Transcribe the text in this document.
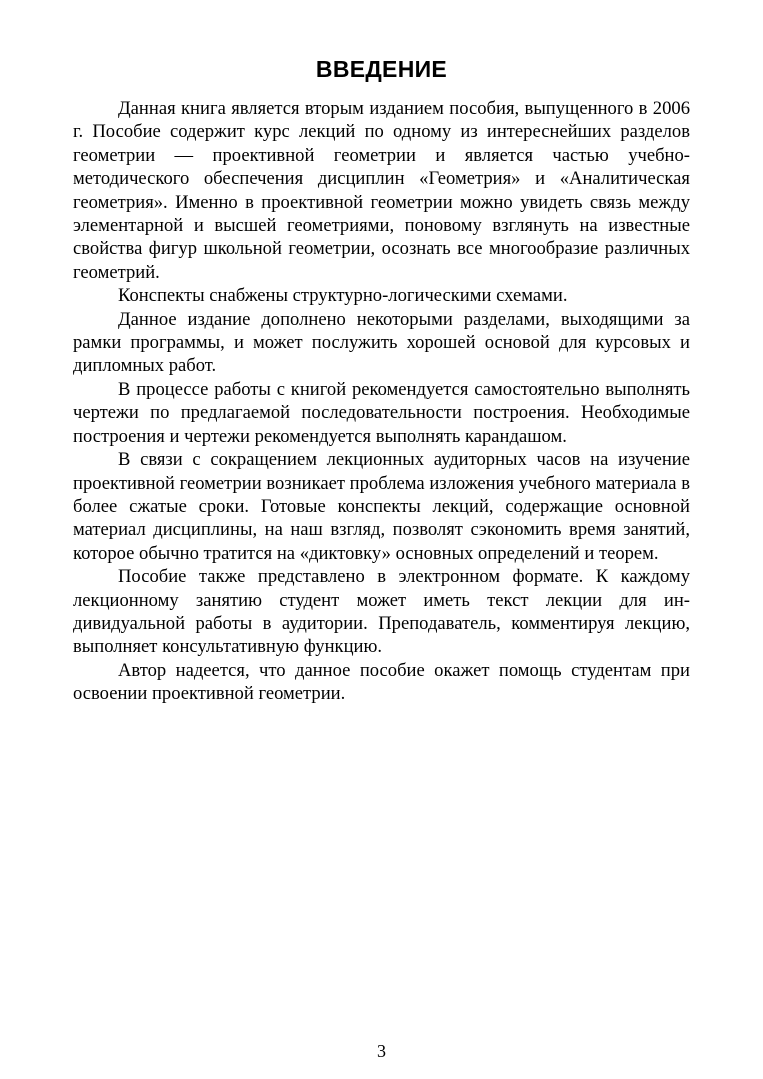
ВВЕДЕНИЕ

Данная книга является вторым изданием пособия, выпущенного в 2006 г. Пособие содержит курс лекций по одному из интереснейших разделов геометрии — проективной геометрии и является частью учебно-методического обеспечения дисциплин «Геометрия» и «Аналитическая геометрия». Именно в проективной геометрии можно увидеть связь между элементарной и высшей геометриями, поновому взглянуть на известные свойства фигур школьной геометрии, осознать все многообразие различных геометрий.

Конспекты снабжены структурно-логическими схемами.

Данное издание дополнено некоторыми разделами, выходящими за рамки программы, и может послужить хорошей основой для курсовых и дипломных работ.

В процессе работы с книгой рекомендуется самостоятельно выполнять чертежи по предлагаемой последовательности построения. Необходимые построения и чертежи рекомендуется выполнять карандашом.

В связи с сокращением лекционных аудиторных часов на изучение проективной геометрии возникает проблема изложения учебного материала в более сжатые сроки. Готовые конспекты лекций, содержащие основной материал дисциплины, на наш взгляд, позволят сэкономить время занятий, которое обычно тратится на «диктовку» основных определений и теорем.

Пособие также представлено в электронном формате. К каждому лекционному занятию студент может иметь текст лекции для индивидуальной работы в аудитории. Преподаватель, комментируя лекцию, выполняет консультативную функцию.

Автор надеется, что данное пособие окажет помощь студентам при освоении проективной геометрии.

3
